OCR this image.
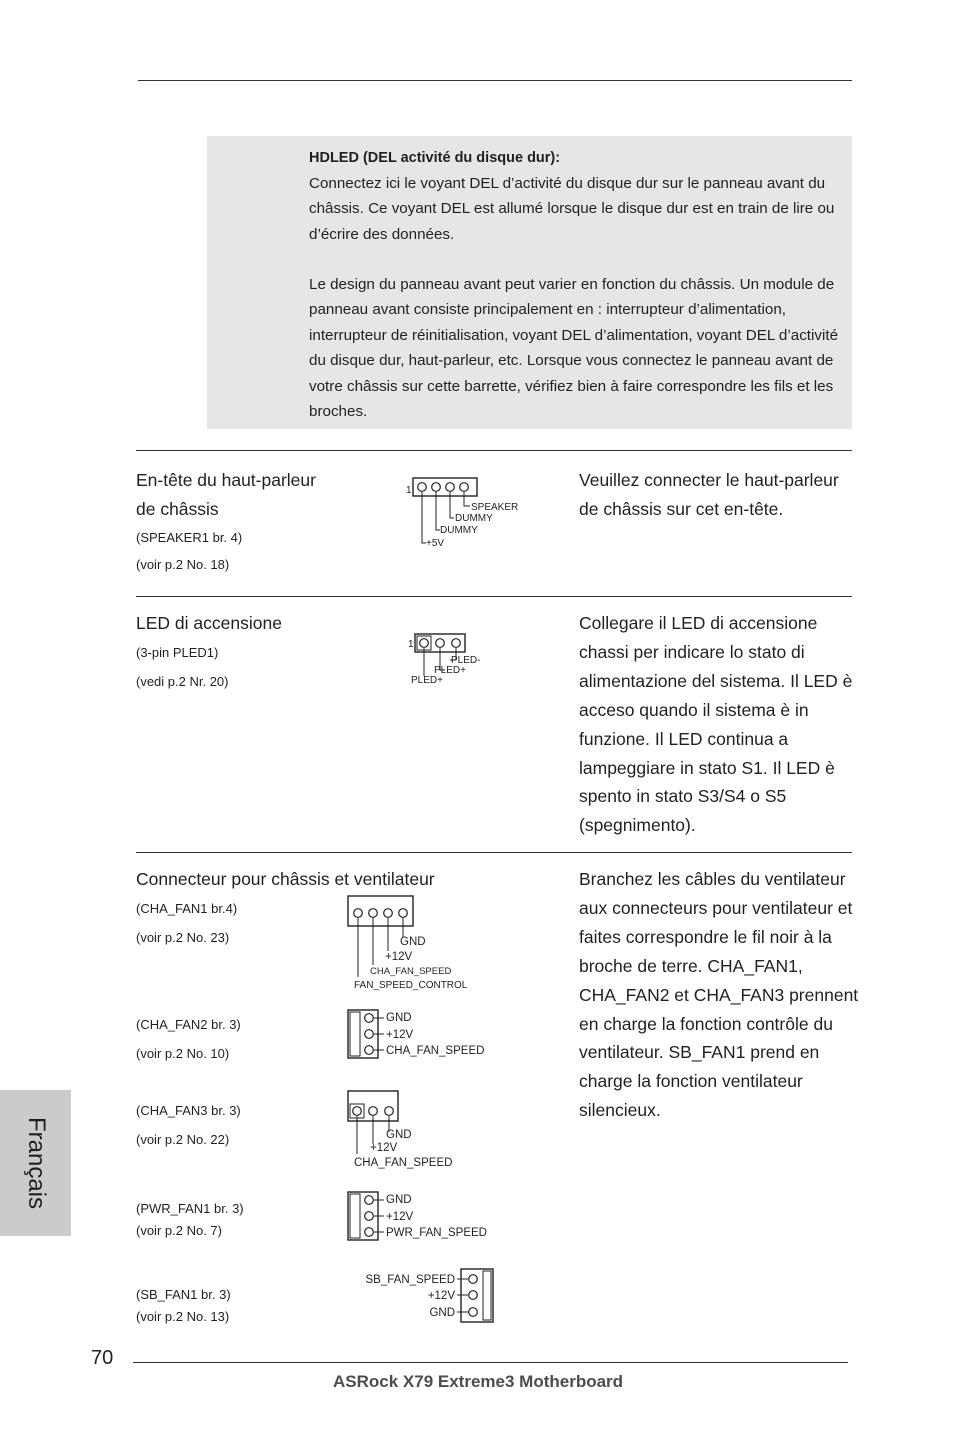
HDLED (DEL activité du disque dur):

Connectez ici le voyant DEL d’activité du disque dur sur le panneau avant du châssis. Ce voyant DEL est allumé lorsque le disque dur est en train de lire ou d’écrire des données.

Le design du panneau avant peut varier en fonction du châssis. Un module de panneau avant consiste principalement en : interrupteur d’alimentation, interrupteur de réinitialisation, voyant DEL d’alimentation, voyant DEL d’activité du disque dur, haut-parleur, etc. Lorsque vous connectez le panneau avant de votre châssis sur cette barrette, vérifiez bien à faire correspondre les fils et les broches.

En-tête du haut-parleur
de châssis
(SPEAKER1 br. 4)
(voir p.2 No. 18)
1
SPEAKER
DUMMY
DUMMY
+5V

Veuillez connecter le haut-parleur de châssis sur cet en-tête.

LED di accensione
(3-pin PLED1)
(vedi p.2 Nr. 20)
1
PLED-
PLED+
PLED+

Collegare il LED di accensione chassi per indicare lo stato di alimentazione del sistema. Il LED è acceso quando il sistema è in funzione. Il LED continua a lampeggiare in stato S1. Il LED è spento in stato S3/S4 o S5 (spegnimento).

Connecteur pour châssis et ventilateur
(CHA_FAN1 br.4)
(voir p.2 No. 23)	GND
+12V
CHA_FAN_SPEED
FAN_SPEED_CONTROL
(CHA_FAN2 br. 3)
(voir p.2 No. 10)
GND
+12V
CHA_FAN_SPEED
(CHA_FAN3 br. 3)
(voir p.2 No. 22)	GND
+12V
CHA_FAN_SPEED
(PWR_FAN1 br. 3)
(voir p.2 No. 7)
GND
+12V
PWR_FAN_SPEED
(SB_FAN1 br. 3)
(voir p.2 No. 13)
SB_FAN_SPEED
+12V
GND

Branchez les câbles du ventilateur aux connecteurs pour ventilateur et faites correspondre le fil noir à la broche de terre. CHA_FAN1, CHA_FAN2 et CHA_FAN3 prennent en charge la fonction contrôle du ventilateur. SB_FAN1 prend en charge la fonction ventilateur silencieux.

Français
70
ASRock X79 Extreme3 Motherboard
